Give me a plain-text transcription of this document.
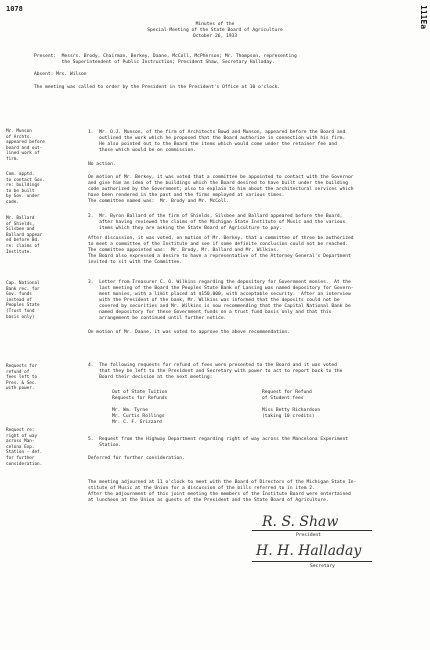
1078	111Ea
Minutes of the
Special Meeting of the State Board of Agriculture
October 26, 1933
Present:  Messrs. Brody, Chairman, Berkey, Daane, McColl, McPherson; Mr. Thompson, representing
the Superintendent of Public Instruction; President Shaw, Secretary Halladay.
Absent: Mrs. Wilson
The meeting was called to order by the President in the President's Office at 10 o'clock.
Mr. Munson
of Archts.
appeared before
board and out-
lined work of
firm.
Com. apptd.
to contact Gov.
re: buildings
to be built
by Gov. under
code.
Mr. Ballard
of Shields,
Silsbee and
Ballard appear
ed before Bd.
re: claims of
Institute.
Cap. National
Bank rec. for
Gov. funds
instead of
Peoples State
(Trust fund
basis only)
Requests for
refund of
fees left to
Pres. & Sec.
with power.
Request re:
right of way
across Man-
celona Exp.
Station - def.
for further
consideration.
1.  Mr. O.J. Munson, of the firm of Architects Bowd and Munson, appeared before the Board and
outlined the work which he proposed that the Board authorize in connection with his firm.
He also pointed out to the Board the items which would come under the retainer fee and
those which would be on commission.
No action.
On motion of Mr. Berkey, it was voted that a committee be appointed to contact with the Governor
and give him an idea of the buildings which the Board desired to have built under the building
code authorized by the Government; also to explain to him about the architectural services which
have been rendered in the past and the firms employed at various times.
The committee named was:  Mr. Brody and Mr. McColl.
2.  Mr. Byron Ballard of the firm of Shields, Silsbee and Ballard appeared before the Board,
after having reviewed the claims of the Michigan State Institute of Music and the various
items which they are asking the State Board of Agriculture to pay.
After discussion, it was voted, on motion of Mr. Berkey, that a committee of three be authorized
to meet a committee of the Institute and see if some definite conclusion could not be reached.
The committee appointed was:  Mr. Brody, Mr. Ballard and Mr. Wilkins.
The Board also expressed a desire to have a representative of the Attorney General's Department
invited to sit with the Committee.
3.  Letter from Treasurer C. O. Wilkins regarding the depository for Government monies.  At the
last meeting of the Board the Peoples State Bank of Lansing was named depository for Govern-
ment monies, with a limit placed at $150,000, with acceptable security.  After an interview
with the President of the bank, Mr. Wilkins was informed that the deposits could not be
covered by securities and Mr. Wilkins is now recommending that the Capital National Bank be
named depository for these Government funds on a trust fund basis only and that this
arrangement be continued until further notice.
On motion of Mr. Daane, it was voted to approve the above recommendation.
4.  The following requests for refund of fees were presented to the Board and it was voted
that they be left to the President and Secretary with power to act to report back to the
Board their decision at the next meeting:
Out of State Tuition
Requests for Refunds
Mr. Wm. Tyrne
Mr. Curtis Rollings
Mr. C. F. Grizzard
Request for Refund
of Student fees
Miss Betty Richardson
(taking 10 credits)
5.  Request from the Highway Department regarding right of way across the Mancelona Experiment
Station.
Deferred for further consideration.
The meeting adjourned at 11 o'clock to meet with the Board of Directors of the Michigan State In-
stitute of Music at the Union for a discussion of the bills referred to in item 2.
After the adjournment of this joint meeting the members of the Institute Board were entertained
at luncheon at the Union as guests of the President and the State Board of Agriculture.
R. S. Shaw
President
H. H. Halladay
Secretary
